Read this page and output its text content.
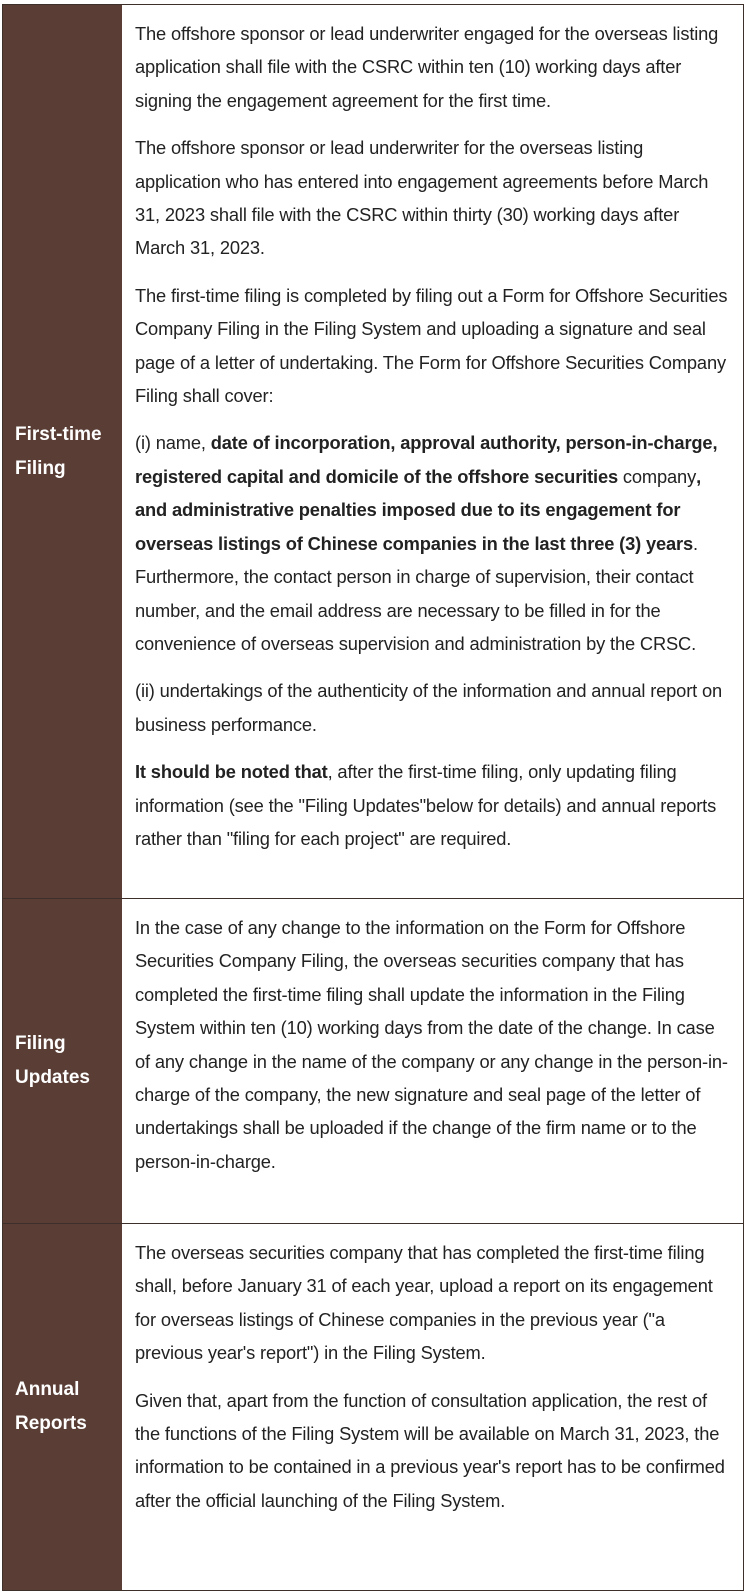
First-time
Filing

The offshore sponsor or lead underwriter engaged for the overseas listing application shall file with the CSRC within ten (10) working days after signing the engagement agreement for the first time.

The offshore sponsor or lead underwriter for the overseas listing application who has entered into engagement agreements before March 31, 2023 shall file with the CSRC within thirty (30) working days after March 31, 2023.

The first-time filing is completed by filing out a Form for Offshore Securities Company Filing in the Filing System and uploading a signature and seal page of a letter of undertaking. The Form for Offshore Securities Company Filing shall cover:

(i) name, date of incorporation, approval authority, person-in-charge, registered capital and domicile of the offshore securities company, and administrative penalties imposed due to its engagement for overseas listings of Chinese companies in the last three (3) years. Furthermore, the contact person in charge of supervision, their contact number, and the email address are necessary to be filled in for the convenience of overseas supervision and administration by the CRSC.

(ii) undertakings of the authenticity of the information and annual report on business performance.

It should be noted that, after the first-time filing, only updating filing information (see the "Filing Updates"below for details) and annual reports rather than "filing for each project" are required.

Filing
Updates

In the case of any change to the information on the Form for Offshore Securities Company Filing, the overseas securities company that has completed the first-time filing shall update the information in the Filing System within ten (10) working days from the date of the change. In case of any change in the name of the company or any change in the person-in-charge of the company, the new signature and seal page of the letter of undertakings shall be uploaded if the change of the firm name or to the person-in-charge.

Annual
Reports

The overseas securities company that has completed the first-time filing shall, before January 31 of each year, upload a report on its engagement for overseas listings of Chinese companies in the previous year ("a previous year's report") in the Filing System.

Given that, apart from the function of consultation application, the rest of the functions of the Filing System will be available on March 31, 2023, the information to be contained in a previous year's report has to be confirmed after the official launching of the Filing System.
